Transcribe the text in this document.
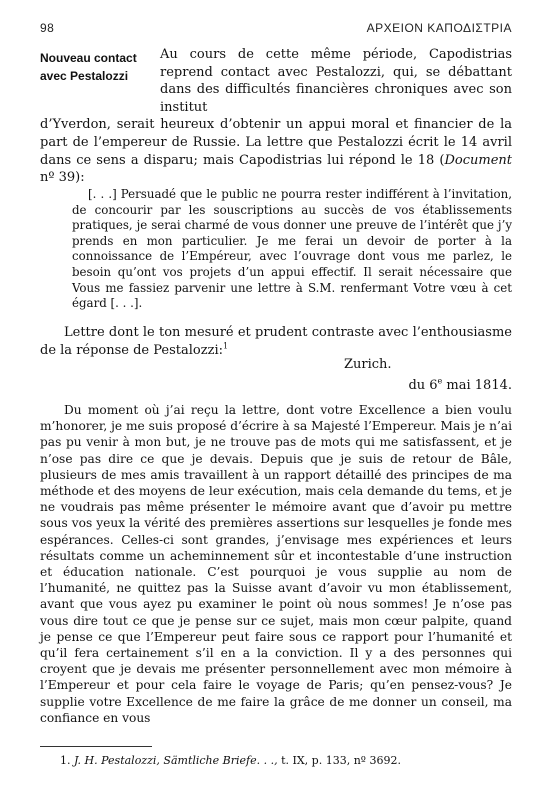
98	ΑΡΧΕΙΟΝ ΚΑΠΟΔΙΣΤΡΙΑ
Nouveau contact
avec Pestalozzi
Au cours de cette même période, Capodistrias reprend contact avec Pestalozzi, qui, se débattant dans des difficultés financières chroniques avec son institut

d’Yverdon, serait heureux d’obtenir un appui moral et financier de la part de l’empereur de Russie. La lettre que Pestalozzi écrit le 14 avril dans ce sens a disparu; mais Capodistrias lui répond le 18 (Document nº 39):

[. . .] Persuadé que le public ne pourra rester indifférent à l’invitation, de concourir par les souscriptions au succès de vos établissements pratiques, je serai charmé de vous donner une preuve de l’intérêt que j’y prends en mon particulier. Je me ferai un devoir de porter à la connoissance de l’Empéreur, avec l’ouvrage dont vous me parlez, le besoin qu’ont vos projets d’un appui effectif. Il serait nécessaire que Vous me fassiez parvenir une lettre à S.M. renfermant Votre vœu à cet égard [. . .].

Lettre dont le ton mesuré et prudent contraste avec l’enthousiasme de la réponse de Pestalozzi:$^1$

Zurich.
du 6e mai 1814.

Du moment où j’ai reçu la lettre, dont votre Excellence a bien voulu m’honorer, je me suis proposé d’écrire à sa Majesté l’Empereur. Mais je n’ai pas pu venir à mon but, je ne trouve pas de mots qui me satisfassent, et je n’ose pas dire ce que je devais. Depuis que je suis de retour de Bâle, plusieurs de mes amis travaillent à un rapport détaillé des principes de ma méthode et des moyens de leur exécution, mais cela demande du tems, et je ne voudrais pas même présenter le mémoire avant que d’avoir pu mettre sous vos yeux la vérité des premières assertions sur lesquelles je fonde mes espérances. Celles-ci sont grandes, j’envisage mes expériences et leurs résultats comme un acheminnement sûr et incontestable d’une instruction et éducation nationale. C’est pourquoi je vous supplie au nom de l’humanité, ne quittez pas la Suisse avant d’avoir vu mon établissement, avant que vous ayez pu examiner le point où nous sommes! Je n’ose pas vous dire tout ce que je pense sur ce sujet, mais mon cœur palpite, quand je pense ce que l’Empereur peut faire sous ce rapport pour l’humanité et qu’il fera certainement s’il en a la conviction. Il y a des personnes qui croyent que je devais me présenter personnellement avec mon mémoire à l’Empereur et pour cela faire le voyage de Paris; qu’en pensez-vous? Je supplie votre Excellence de me faire la grâce de me donner un conseil, ma confiance en vous

1. J. H. Pestalozzi, Sämtliche Briefe. . ., t. IX, p. 133, nº 3692.
